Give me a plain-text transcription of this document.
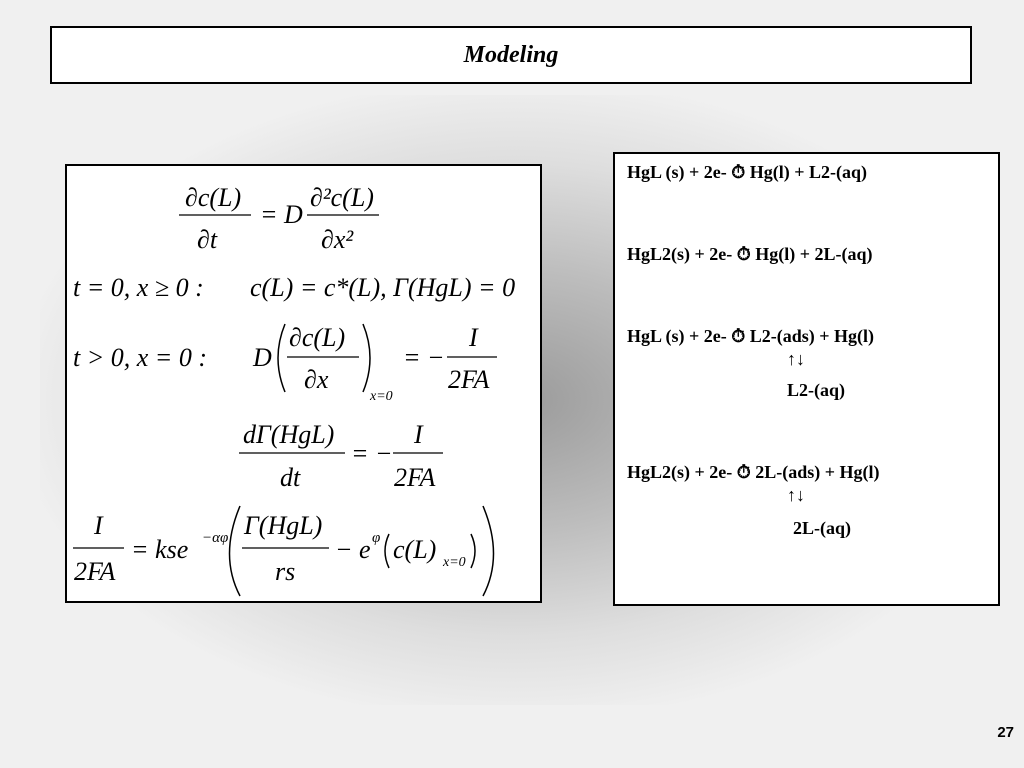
Modeling
∂c(L)
∂t
= D
∂²c(L)
∂x²
t = 0, x ≥ 0 : c(L) = c*(L), Γ(HgL) = 0
t > 0, x = 0 : D
∂c(L)
∂x
x=0
= −
I
2FA
dΓ(HgL)
dt
= −
I
2FA
I
2FA
= kse −αφ Γ(HgL)
rs
− e φ c(L) x=0
HgL (s) + 2e- ⏱ Hg(l) + L2-(aq)
HgL2(s) + 2e- ⏱ Hg(l) + 2L-(aq)
HgL (s) + 2e- ⏱ L2-(ads) + Hg(l)
↑↓
L2-(aq)
HgL2(s) + 2e- ⏱ 2L-(ads) + Hg(l)
↑↓
2L-(aq)
27
